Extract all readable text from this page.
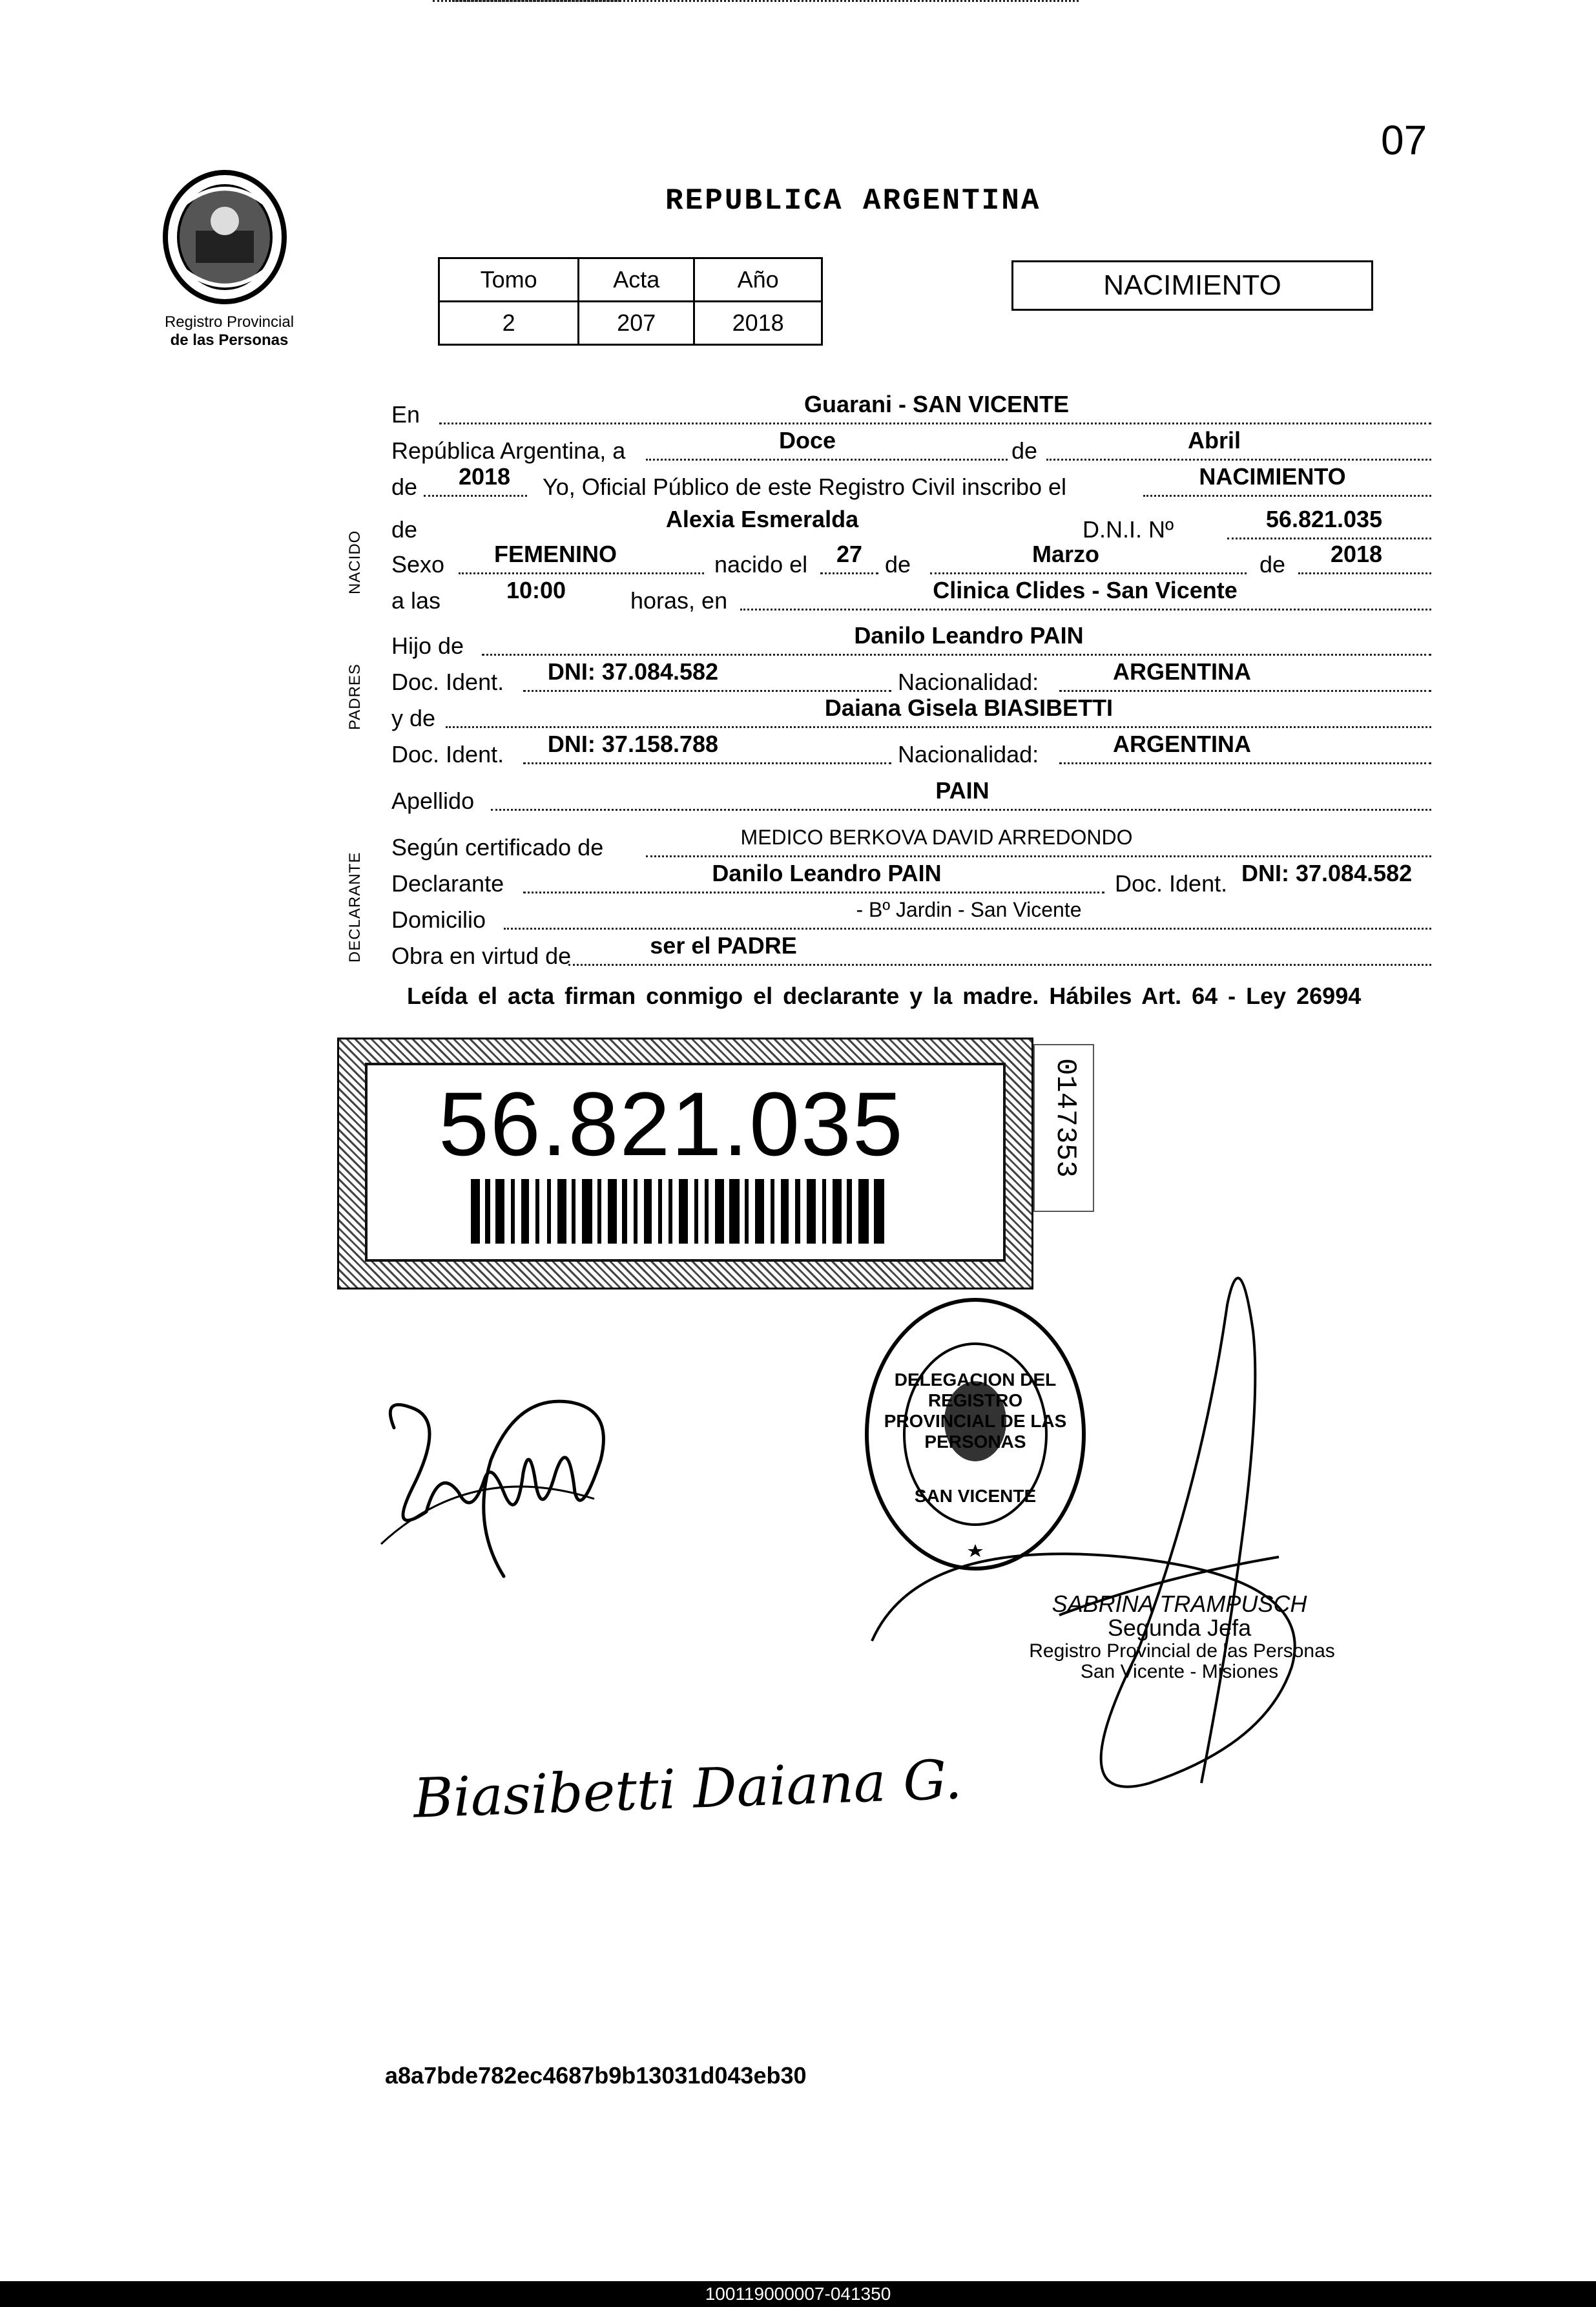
07
Registro Provincial
de las Personas
REPUBLICA ARGENTINA
Tomo	Acta	Año
2	207	2018
NACIMIENTO
NACIDO
PADRES
DECLARANTE
En	Guarani - SAN VICENTE
República Argentina, a	Doce	de	Abril
de	2018	Yo, Oficial Público de este Registro Civil inscribo el	NACIMIENTO
de	Alexia Esmeralda	D.N.I. Nº	56.821.035
Sexo	FEMENINO	nacido el	27 de	Marzo	de	2018
a las	10:00	horas, en	Clinica Clides - San Vicente
Hijo de	Danilo Leandro PAIN
Doc. Ident.	DNI: 37.084.582	Nacionalidad:	ARGENTINA
y de	Daiana Gisela BIASIBETTI
Doc. Ident.	DNI: 37.158.788	Nacionalidad:	ARGENTINA
Apellido	PAIN
Según certificado de	MEDICO BERKOVA DAVID ARREDONDO
Declarante	Danilo Leandro PAIN	Doc. Ident. DNI: 37.084.582
Domicilio	- Bº Jardin - San Vicente
Obra en virtud de	ser el PADRE
Leída el acta firman conmigo el declarante y la madre. Hábiles Art. 64 - Ley 26994
56.821.035	0147353
DELEGACION DEL REGISTRO PROVINCIAL DE LAS PERSONAS
SAN VICENTE
SABRINA TRAMPUSCH
Segunda Jefa
Registro Provincial de las Personas
San Vicente - Misiones
Biasibetti Daiana G.
a8a7bde782ec4687b9b13031d043eb30
100119000007-041350
